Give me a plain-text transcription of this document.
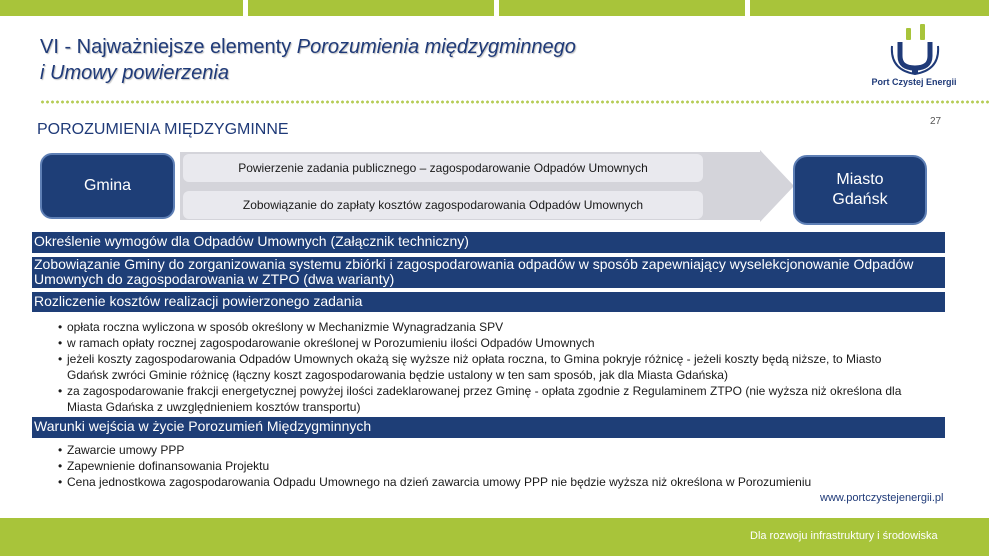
VI - Najważniejsze elementy Porozumienia międzygminnego
i Umowy powierzenia	Port Czystej Energii
27
POROZUMIENIA MIĘDZYGMINNE
Gmina
Powierzenie zadania publicznego – zagospodarowanie Odpadów Umownych
Zobowiązanie do zapłaty kosztów zagospodarowania Odpadów Umownych
Miasto
Gdańsk
Określenie wymogów dla Odpadów Umownych (Załącznik techniczny)
Zobowiązanie Gminy do zorganizowania systemu zbiórki i zagospodarowania odpadów w sposób zapewniający wyselekcjonowanie Odpadów Umownych do zagospodarowania w ZTPO (dwa warianty)
Rozliczenie kosztów realizacji powierzonego zadania
• opłata roczna wyliczona w sposób określony w Mechanizmie Wynagradzania SPV
• w ramach opłaty rocznej zagospodarowanie określonej w Porozumieniu ilości Odpadów Umownych
• jeżeli koszty zagospodarowania Odpadów Umownych okażą się wyższe niż opłata roczna, to Gmina pokryje różnicę - jeżeli koszty będą niższe, to Miasto Gdańsk zwróci Gminie różnicę (łączny koszt zagospodarowania będzie ustalony w ten sam sposób, jak dla Miasta Gdańska)
• za zagospodarowanie frakcji energetycznej powyżej ilości zadeklarowanej przez Gminę - opłata zgodnie z Regulaminem ZTPO (nie wyższa niż określona dla Miasta Gdańska z uwzględnieniem kosztów transportu)
Warunki wejścia w życie Porozumień Międzygminnych
• Zawarcie umowy PPP
• Zapewnienie dofinansowania Projektu
• Cena jednostkowa zagospodarowania Odpadu Umownego na dzień zawarcia umowy PPP nie będzie wyższa niż określona w Porozumieniu
www.portczystejenergii.pl
Dla rozwoju infrastruktury i środowiska
